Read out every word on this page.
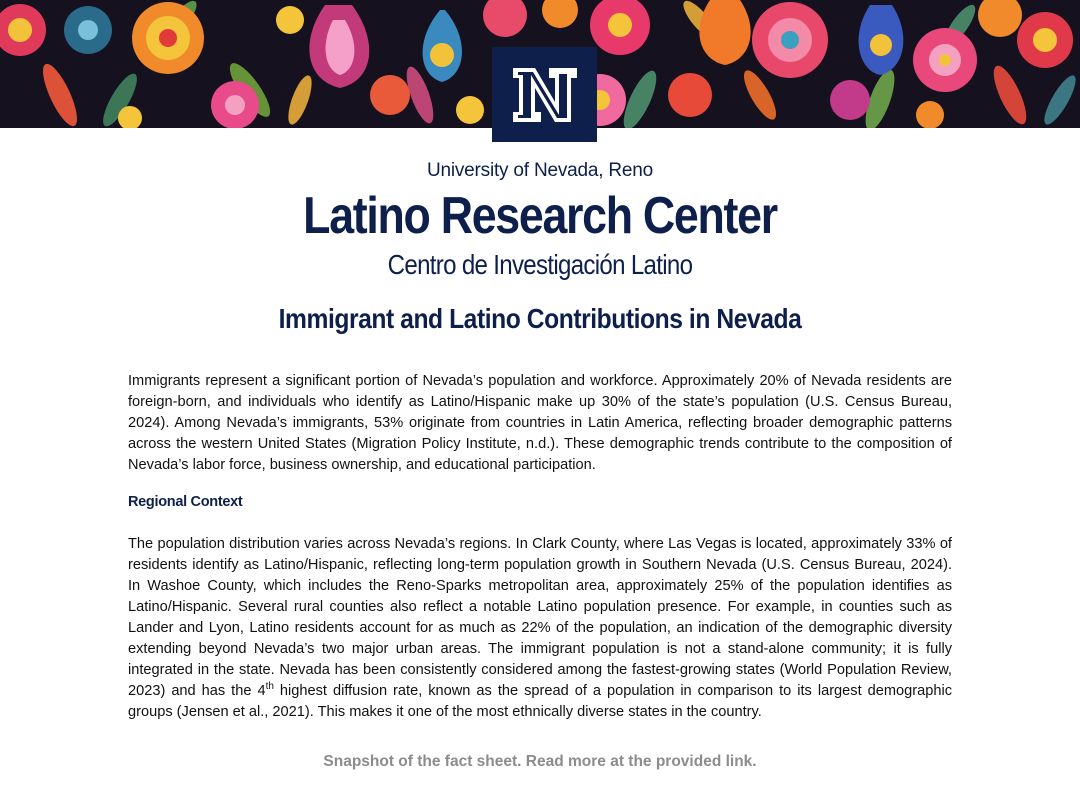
N

University of Nevada, Reno

Latino Research Center

Centro de Investigación Latino

Immigrant and Latino Contributions in Nevada

Immigrants represent a significant portion of Nevada’s population and workforce. Approximately 20% of Nevada residents are foreign-born, and individuals who identify as Latino/Hispanic make up 30% of the state’s population (U.S. Census Bureau, 2024). Among Nevada’s immigrants, 53% originate from countries in Latin America, reflecting broader demographic patterns across the western United States (Migration Policy Institute, n.d.). These demographic trends contribute to the composition of Nevada’s labor force, business ownership, and educational participation.

Regional Context

The population distribution varies across Nevada’s regions. In Clark County, where Las Vegas is located, approximately 33% of residents identify as Latino/Hispanic, reflecting long-term population growth in Southern Nevada (U.S. Census Bureau, 2024). In Washoe County, which includes the Reno-Sparks metropolitan area, approximately 25% of the population identifies as Latino/Hispanic. Several rural counties also reflect a notable Latino population presence. For example, in counties such as Lander and Lyon, Latino residents account for as much as 22% of the population, an indication of the demographic diversity extending beyond Nevada’s two major urban areas. The immigrant population is not a stand-alone community; it is fully integrated in the state. Nevada has been consistently considered among the fastest-growing states (World Population Review, 2023) and has the 4th highest diffusion rate, known as the spread of a population in comparison to its largest demographic groups (Jensen et al., 2021). This makes it one of the most ethnically diverse states in the country.

Snapshot of the fact sheet. Read more at the provided link.
